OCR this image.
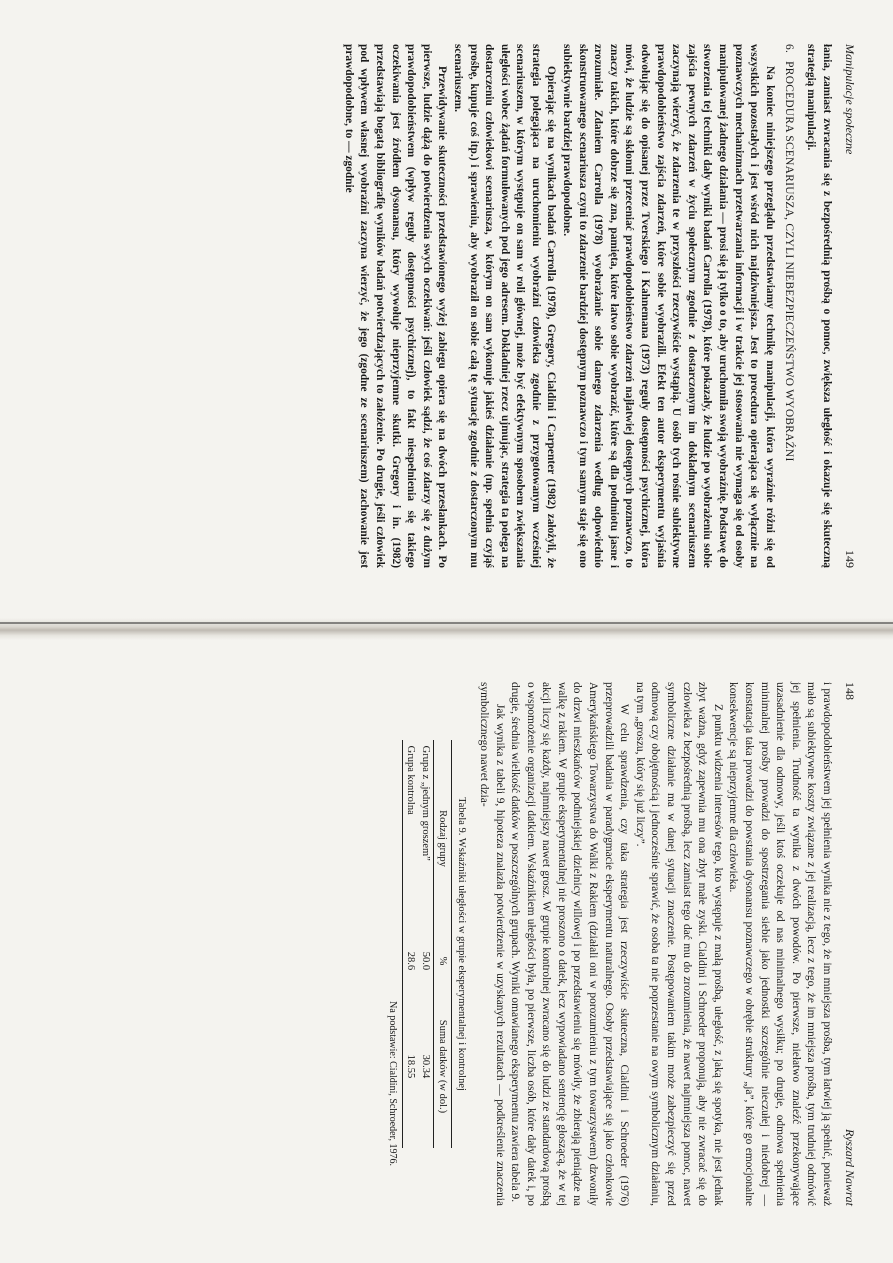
Manipulacje społeczne
149

łania, zamiast zwracania się z bezpośrednią prośbą o pomoc, zwiększa ułegłość i okazuje się skuteczną strategią manipulacji.

6.PROCEDURA SCENARIUSZA, CZYLI NIEBEZPIECZEŃSTWO WYOBRAŹNI

Na koniec niniejszego przeglądu przedstawiamy technikę manipulacji, która wyraźnie różni się od wszystkich pozostałych i jest wśród nich najdziwniejsza. Jest to procedura opierająca się wyłącznie na poznawczych mechanizmach przetwarzania informacji i w trakcie jej stosowania nie wymaga się od osoby manipulowanej żadnego działania — prosi się ją tylko o to, aby uruchomiła swoją wyobraźnię. Podstawę do stworzenia tej techniki dały wyniki badań Carrolla (1978), które pokazały, że ludzie po wyobrażeniu sobie zajścia pewnych zdarzeń w życiu społecznym zgodnie z dostarczonym im dokładnym scenariuszem zaczynają wierzyć, że zdarzenia te w przyszłości rzeczywiście wystąpią. U osób tych rośnie subiektywne prawdopodobieństwo zajścia zdarzeń, które sobie wyobrazili. Efekt ten autor eksperymentu wyjaśnia odwołując się do opisanej przez Tverskiego i Kahnemana (1973) reguły dostępności psychicznej, która mówi, że ludzie są skłonni przeceniać prawdopodobieństwo zdarzeń najłatwiej dostępnych poznawczo, to znaczy takich, które dobrze się zna, pamięta, które łatwo sobie wyobrazić, które są dla podmiotu jasne i zrozumiałe. Zdaniem Carrolla (1978) wyobrażanie sobie danego zdarzenia według odpowiednio skonstruowanego scenariusza czyni to zdarzenie bardziej dostępnym poznawczo i tym samym staje się ono subiektywnie bardziej prawdopodobne.

Opierając się na wynikach badań Carrolla (1978), Gregory, Cialdini i Carpenter (1982) założyli, że strategia polegająca na uruchomieniu wyobraźni człowieka zgodnie z przygotowanym wcześniej scenariuszem, w którym występuje on sam w roli głównej, może być efektywnym sposobem zwiększania ułegłości wobec żądań formułowanych pod jego adresem. Dokładniej rzecz ujmując, strategia ta polega na dostarczeniu człowiekowi scenariusza, w którym on sam wykonuje jakieś działanie (np. spełnia czyjąś prośbę, kupuje coś itp.) i sprawieniu, aby wyobraził on sobie całą tę sytuację zgodnie z dostarczonym mu scenariuszem.

Przewidywanie skuteczności przedstawionego wyżej zabiegu opiera się na dwóch przesłankach. Po pierwsze, ludzie dążą do potwierdzenia swych oczekiwań: jeśli człowiek sądzi, że coś zdarzy się z dużym prawdopodobieństwem (wpływ reguły dostępności psychicznej), to fakt niespełnienia się takiego oczekiwania jest źródłem dysonansu, który wywołuje nieprzyjemne skutki. Gregory i in. (1982) przedstawiają bogatą bibliografię wyników badań potwierdzających to założenie. Po drugie, jeśli człowiek pod wpływem własnej wyobraźni zaczyna wierzyć, że jego (zgodne ze scenariuszem) zachowanie jest prawdopodobne, to — zgodnie

148
Ryszard Nawrat

i prawdopodobieństwem jej spełnienia wynika nie z tego, że im mniejsza prośba, tym łatwiej ją spełnić, ponieważ mało są subiektywne koszty związane z jej realizacją, lecz z tego, że im mniejsza prośba, tym trudniej odmówić jej spełnienia. Trudność ta wynika z dwóch powodów. Po pierwsze, niełatwo znaleźć przekonywające uzasadnienie dla odmowy, jeśli ktoś oczekuje od nas minimalnego wysiłku; po drugie, odmowa spełnienia minimalnej prośby prowadzi do spostrzegania siebie jako jednostki szczególnie nieczułej i niedobrej — konstatacja taka prowadzi do powstania dysonansu poznawczego w obrębie struktury „ja”, które go emocjonalne konsekwencje są nieprzyjemne dla człowieka.

Z punktu widzenia interesów tego, kto występuje z małą prośbą, ułegłość, z jaką się spotyka, nie jest jednak zbyt ważna, gdyż zapewnia mu ona zbyt małe zyski. Cialdini i Schroeder proponują, aby nie zwracać się do człowieka z bezpośrednią prośbą, lecz zamiast tego dać mu do zrozumienia, że nawet najmniejsza pomoc, nawet symboliczne działanie ma w danej sytuacji znaczenie. Postępowaniem takim może zabezpieczyć się przed odmową czy obojętnością i jednocześnie sprawić, że osoba ta nie poprzestanie na owym symbolicznym działaniu, na tym „groszu, który się już liczy”.

W celu sprawdzenia, czy taka strategia jest rzeczywiście skuteczna, Cialdini i Schroeder (1976) przeprowadzili badania w paradygmacie eksperymentu naturalnego. Osoby przedstawiające się jako członkowie Amerykańskiego Towarzystwa do Walki z Rakiem (działali oni w porozumieniu z tym towarzystwem) dzwoniły do drzwi mieszkańców podmiejskiej dzielnicy willowej i po przedstawieniu się mówiły, że zbierają pieniądze na walkę z rakiem. W grupie eksperymentalnej nie proszono o datek, lecz wypowiadano sentencję głoszącą, że w tej akcji liczy się każdy, najmniejszy nawet grosz. W grupie kontrolnej zwracano się do ludzi ze standardową prośbą o wspomożenie organizacji datkiem. Wskaźnikiem ułegłości była, po pierwsze, liczba osób, które dały datek i, po drugie, średnia wielkość datków w poszczególnych grupach. Wyniki omawianego eksperymentu zawiera tabela 9.

Jak wynika z tabeli 9, hipoteza znalazła potwierdzenie w uzyskanych rezultatach — podkreślenie znaczenia symbolicznego nawet dzia-

Tabela 9. Wskaźniki ułegłości w grupie eksperymentalnej i kontrolnej
Rodzaj grupy	%	Suma datków (w dol.)
Grupa z „jednym groszem”	50.0	30.34
Grupa kontrolna	28.6	18.55
Na podstawie: Cialdini, Schroeder, 1976.
